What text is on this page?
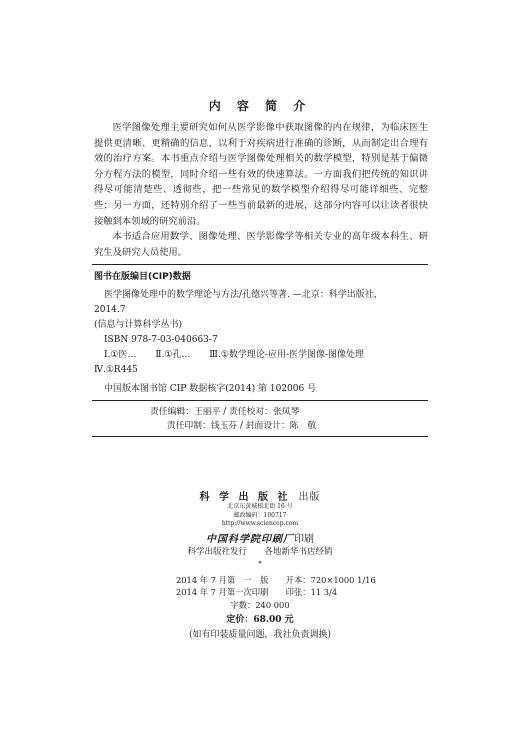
内 容 简 介

医学图像处理主要研究如何从医学影像中获取图像的内在规律，为临床医生提供更清晰、更精确的信息，以利于对疾病进行准确的诊断，从而制定出合理有效的治疗方案。本书重点介绍与医学图像处理相关的数学模型，特别是基于偏微分方程方法的模型，同时介绍一些有效的快速算法。一方面我们把传统的知识讲得尽可能清楚些、透彻些，把一些常见的数学模型介绍得尽可能详细些、完整些；另一方面，还特别介绍了一些当前最新的进展，这部分内容可以让读者很快接触到本领域的研究前沿。

本书适合应用数学、图像处理、医学影像学等相关专业的高年级本科生、研究生及研究人员使用。

图书在版编目(CIP)数据
医学图像处理中的数学理论与方法/孔德兴等著. —北京：科学出版社，
2014.7
(信息与计算科学丛书)
ISBN 978-7-03-040663-7
Ⅰ.①医… Ⅱ.①孔… Ⅲ.①数学理论-应用-医学图像-图像处理
Ⅳ.①R445
中国版本图书馆 CIP 数据核字(2014) 第 102006 号
责任编辑：王丽平 / 责任校对：张凤琴
责任印制：钱玉芬 / 封面设计：陈　敬
科 学 出 版 社 出版
北京东黄城根北街 16 号
邮政编码：100717
http://www.sciencep.com
中国科学院印刷厂印刷
科学出版社发行 各地新华书店经销
*
2014 年 7 月第　一　版 开本：720×1000 1/16
2014 年 7 月第一次印刷 印张：11 3/4
字数：240 000
定价：68.00 元
(如有印装质量问题，我社负责调换)
